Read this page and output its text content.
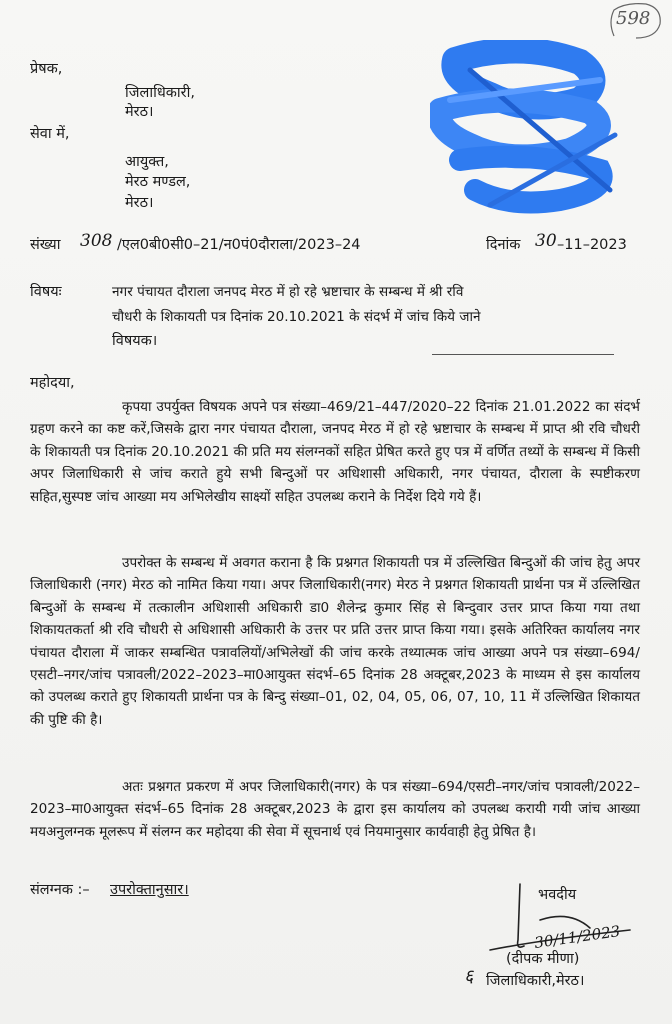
598
प्रेषक,
जिलाधिकारी,
मेरठ।
सेवा में,
आयुक्त,
मेरठ मण्डल,
मेरठ।
संख्या 308 /एल0बी0सी0–21/न0पं0दौराला/2023–24	दिनांक 30 –11–2023
विषयः	नगर पंचायत दौराला जनपद मेरठ में हो रहे भ्रष्टाचार के सम्बन्ध में श्री रवि
चौधरी के शिकायती पत्र दिनांक 20.10.2021 के संदर्भ में जांच किये जाने
विषयक।
महोदया,
कृपया उपर्युक्त विषयक अपने पत्र संख्या–469/21–447/2020–22 दिनांक 21.01.2022 का संदर्भ ग्रहण करने का कष्ट करें,जिसके द्वारा नगर पंचायत दौराला, जनपद मेरठ में हो रहे भ्रष्टाचार के सम्बन्ध में प्राप्त श्री रवि चौधरी के शिकायती पत्र दिनांक 20.10.2021 की प्रति मय संलग्नकों सहित प्रेषित करते हुए पत्र में वर्णित तथ्यों के सम्बन्ध में किसी अपर जिलाधिकारी से जांच कराते हुये सभी बिन्दुओं पर अधिशासी अधिकारी, नगर पंचायत, दौराला के स्पष्टीकरण सहित,सुस्पष्ट जांच आख्या मय अभिलेखीय साक्ष्यों सहित उपलब्ध कराने के निर्देश दिये गये हैं।
उपरोक्त के सम्बन्ध में अवगत कराना है कि प्रश्नगत शिकायती पत्र में उल्लिखित बिन्दुओं की जांच हेतु अपर जिलाधिकारी (नगर) मेरठ को नामित किया गया। अपर जिलाधिकारी(नगर) मेरठ ने प्रश्नगत शिकायती प्रार्थना पत्र में उल्लिखित बिन्दुओं के सम्बन्ध में तत्कालीन अधिशासी अधिकारी डा0 शैलेन्द्र कुमार सिंह से बिन्दुवार उत्तर प्राप्त किया गया तथा शिकायतकर्ता श्री रवि चौधरी से अधिशासी अधिकारी के उत्तर पर प्रति उत्तर प्राप्त किया गया। इसके अतिरिक्त कार्यालय नगर पंचायत दौराला में जाकर सम्बन्धित पत्रावलियों/अभिलेखों की जांच करके तथ्यात्मक जांच आख्या अपने पत्र संख्या–694/एसटी–नगर/जांच पत्रावली/2022–2023–मा0आयुक्त संदर्भ–65 दिनांक 28 अक्टूबर,2023 के माध्यम से इस कार्यालय को उपलब्ध कराते हुए शिकायती प्रार्थना पत्र के बिन्दु संख्या–01, 02, 04, 05, 06, 07, 10, 11 में उल्लिखित शिकायत की पुष्टि की है।
अतः प्रश्नगत प्रकरण में अपर जिलाधिकारी(नगर) के पत्र संख्या–694/एसटी–नगर/जांच पत्रावली/2022–2023–मा0आयुक्त संदर्भ–65 दिनांक 28 अक्टूबर,2023 के द्वारा इस कार्यालय को उपलब्ध करायी गयी जांच आख्या मयअनुलग्नक मूलरूप में संलग्न कर महोदया की सेवा में सूचनार्थ एवं नियमानुसार कार्यवाही हेतु प्रेषित है।
संलग्नक :– उपरोक्तानुसार।	भवदीय
30/11/2023
(दीपक मीणा)
६ जिलाधिकारी,मेरठ।
